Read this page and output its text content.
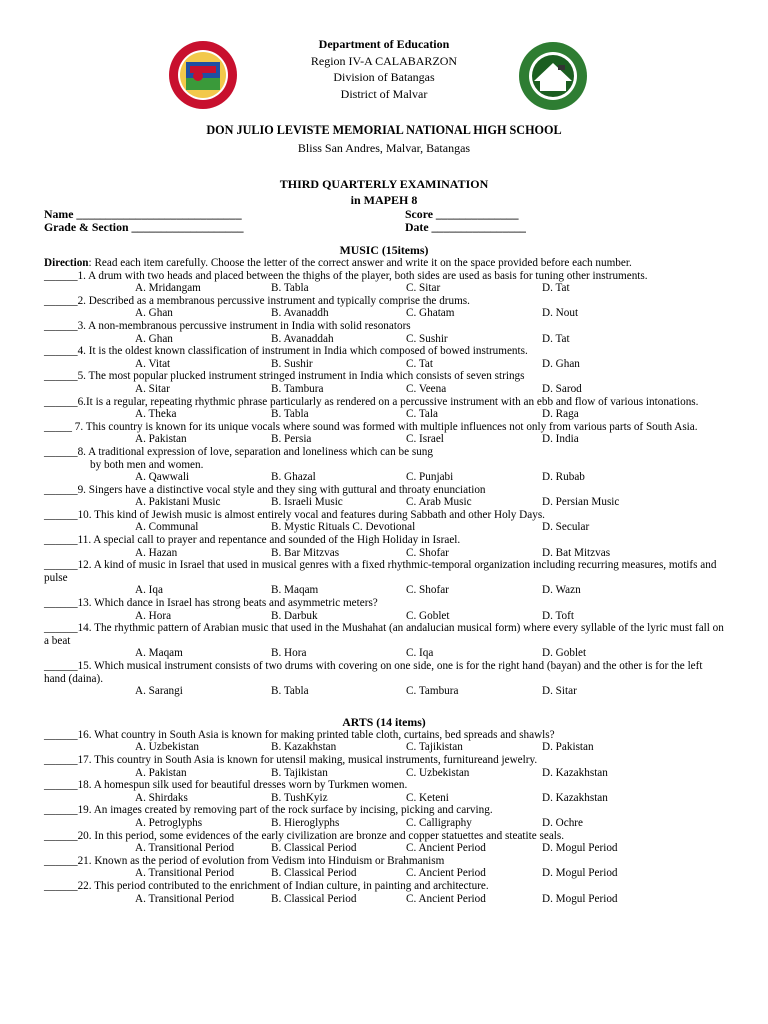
Department of Education
Region IV-A CALABARZON
Division of Batangas
District of Malvar
DON JULIO LEVISTE MEMORIAL NATIONAL HIGH SCHOOL
Bliss San Andres, Malvar, Batangas
THIRD QUARTERLY EXAMINATION
in MAPEH 8
Name ____________________________	Score ______________
Grade & Section ___________________	Date ________________
MUSIC (15items)
Direction: Read each item carefully. Choose the letter of the correct answer and write it on the space provided before each number.
______1. A drum with two heads and placed between the thighs of the player, both sides are used as basis for tuning other instruments.
A. Mridangam	B. Tabla	C. Sitar	D. Tat
______2. Described as a membranous percussive instrument and typically comprise the drums.
A. Ghan	B. Avanaddh	C. Ghatam	D. Nout
______3. A non-membranous percussive instrument in India with solid resonators
A. Ghan	B. Avanaddah	C. Sushir	D. Tat
______4. It is the oldest known classification of instrument in India which composed of bowed instruments.
A. Vitat	B. Sushir	C. Tat	D. Ghan
______5. The most popular plucked instrument stringed instrument in India which consists of seven strings
A. Sitar	B. Tambura	C. Veena	D. Sarod
______6.It is a regular, repeating rhythmic phrase particularly as rendered on a percussive instrument with an ebb and flow of various intonations.
A. Theka	B. Tabla	C. Tala	D. Raga
_____ 7. This country is known for its unique vocals where sound was formed with multiple influences not only from various parts of South Asia.
A. Pakistan	B. Persia	C. Israel	D. India
______8. A traditional expression of love, separation and loneliness which can be sung
by both men and women.
A. Qawwali	B. Ghazal	C. Punjabi	D. Rubab
______9. Singers have a distinctive vocal style and they sing with guttural and throaty enunciation
A. Pakistani Music	B. Israeli Music	C. Arab Music	D. Persian Music
______10. This kind of Jewish music is almost entirely vocal and features during Sabbath and other Holy Days.
A. Communal	B. Mystic Rituals C. Devotional	D. Secular
______11. A special call to prayer and repentance and sounded of the High Holiday in Israel.
A. Hazan	B. Bar Mitzvas	C. Shofar	D. Bat Mitzvas
______12. A kind of music in Israel that used in musical genres with a fixed rhythmic-temporal organization including recurring measures, motifs and pulse
A. Iqa	B. Maqam	C. Shofar	D. Wazn
______13. Which dance in Israel has strong beats and asymmetric meters?
A. Hora	B. Darbuk	C. Goblet	D. Toft
______14. The rhythmic pattern of Arabian music that used in the Mushahat (an andalucian musical form) where every syllable of the lyric must fall on a beat
A. Maqam	B. Hora	C. Iqa	D. Goblet
______15. Which musical instrument consists of two drums with covering on one side, one is for the right hand (bayan) and the other is for the left hand (daina).
A. Sarangi	B. Tabla	C. Tambura	D. Sitar
ARTS (14 items)
______16. What country in South Asia is known for making printed table cloth, curtains, bed spreads and shawls?
A. Uzbekistan	B. Kazakhstan	C. Tajikistan	D. Pakistan
______17. This country in South Asia is known for utensil making, musical instruments, furnitureand jewelry.
A. Pakistan	B. Tajikistan	C. Uzbekistan	D. Kazakhstan
______18. A homespun silk used for beautiful dresses worn by Turkmen women.
A. Shirdaks	B. TushKyiz	C. Keteni	D. Kazakhstan
______19. An images created by removing part of the rock surface by incising, picking and carving.
A. Petroglyphs	B. Hieroglyphs	C. Calligraphy	D. Ochre
______20. In this period, some evidences of the early civilization are bronze and copper statuettes and steatite seals.
A. Transitional Period	B. Classical Period	C. Ancient Period	D. Mogul Period
______21. Known as the period of evolution from Vedism into Hinduism or Brahmanism
A. Transitional Period	B. Classical Period	C. Ancient Period	D. Mogul Period
______22. This period contributed to the enrichment of Indian culture, in painting and architecture.
A. Transitional Period	B. Classical Period	C. Ancient Period	D. Mogul Period
